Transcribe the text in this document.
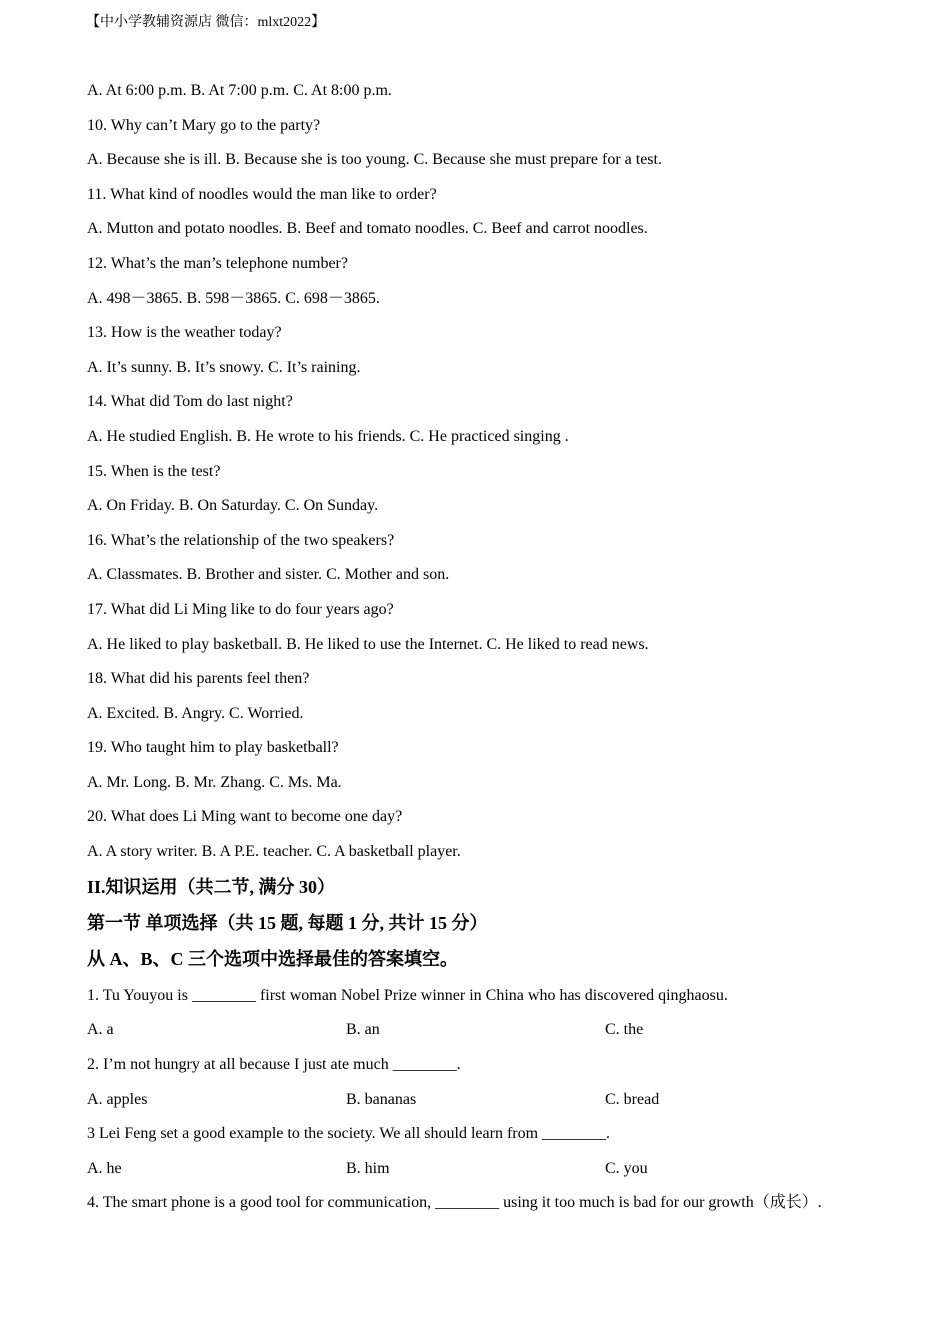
【中小学教辅资源店 微信：mlxt2022】
A. At 6:00 p.m. B. At 7:00 p.m. C. At 8:00 p.m.
10. Why can’t Mary go to the party?
A. Because she is ill. B. Because she is too young. C. Because she must prepare for a test.
11. What kind of noodles would the man like to order?
A. Mutton and potato noodles. B. Beef and tomato noodles. C. Beef and carrot noodles.
12. What’s the man’s telephone number?
A. 498－3865. B. 598－3865. C. 698－3865.
13. How is the weather today?
A. It’s sunny. B. It’s snowy. C. It’s raining.
14. What did Tom do last night?
A. He studied English. B. He wrote to his friends. C. He practiced singing .
15. When is the test?
A. On Friday. B. On Saturday. C. On Sunday.
16. What’s the relationship of the two speakers?
A. Classmates. B. Brother and sister. C. Mother and son.
17. What did Li Ming like to do four years ago?
A. He liked to play basketball. B. He liked to use the Internet. C. He liked to read news.
18. What did his parents feel then?
A. Excited. B. Angry. C. Worried.
19. Who taught him to play basketball?
A. Mr. Long. B. Mr. Zhang. C. Ms. Ma.
20. What does Li Ming want to become one day?
A. A story writer. B. A P.E. teacher. C. A basketball player.
II.知识运用（共二节, 满分 30）
第一节 单项选择（共 15 题, 每题 1 分, 共计 15 分）
从 A、B、C 三个选项中选择最佳的答案填空。
1. Tu Youyou is ________ first woman Nobel Prize winner in China who has discovered qinghaosu.
A. a	B. an	C. the
2. I’m not hungry at all because I just ate much ________.
A. apples	B. bananas	C. bread
3 Lei Feng set a good example to the society. We all should learn from ________.
A. he	B. him	C. you
4. The smart phone is a good tool for communication, ________ using it too much is bad for our growth（成长）.
